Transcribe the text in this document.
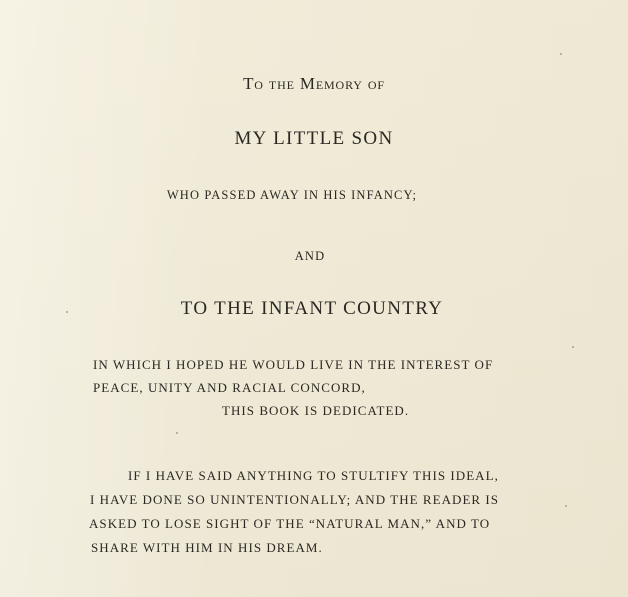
To the Memory of
MY LITTLE SON
WHO PASSED AWAY IN HIS INFANCY;
AND
TO THE INFANT COUNTRY
IN WHICH I HOPED HE WOULD LIVE IN THE INTEREST OF
PEACE, UNITY AND RACIAL CONCORD,
THIS BOOK IS DEDICATED.
IF I HAVE SAID ANYTHING TO STULTIFY THIS IDEAL,
I HAVE DONE SO UNINTENTIONALLY; AND THE READER IS
ASKED TO LOSE SIGHT OF THE “NATURAL MAN,” AND TO
SHARE WITH HIM IN HIS DREAM.
